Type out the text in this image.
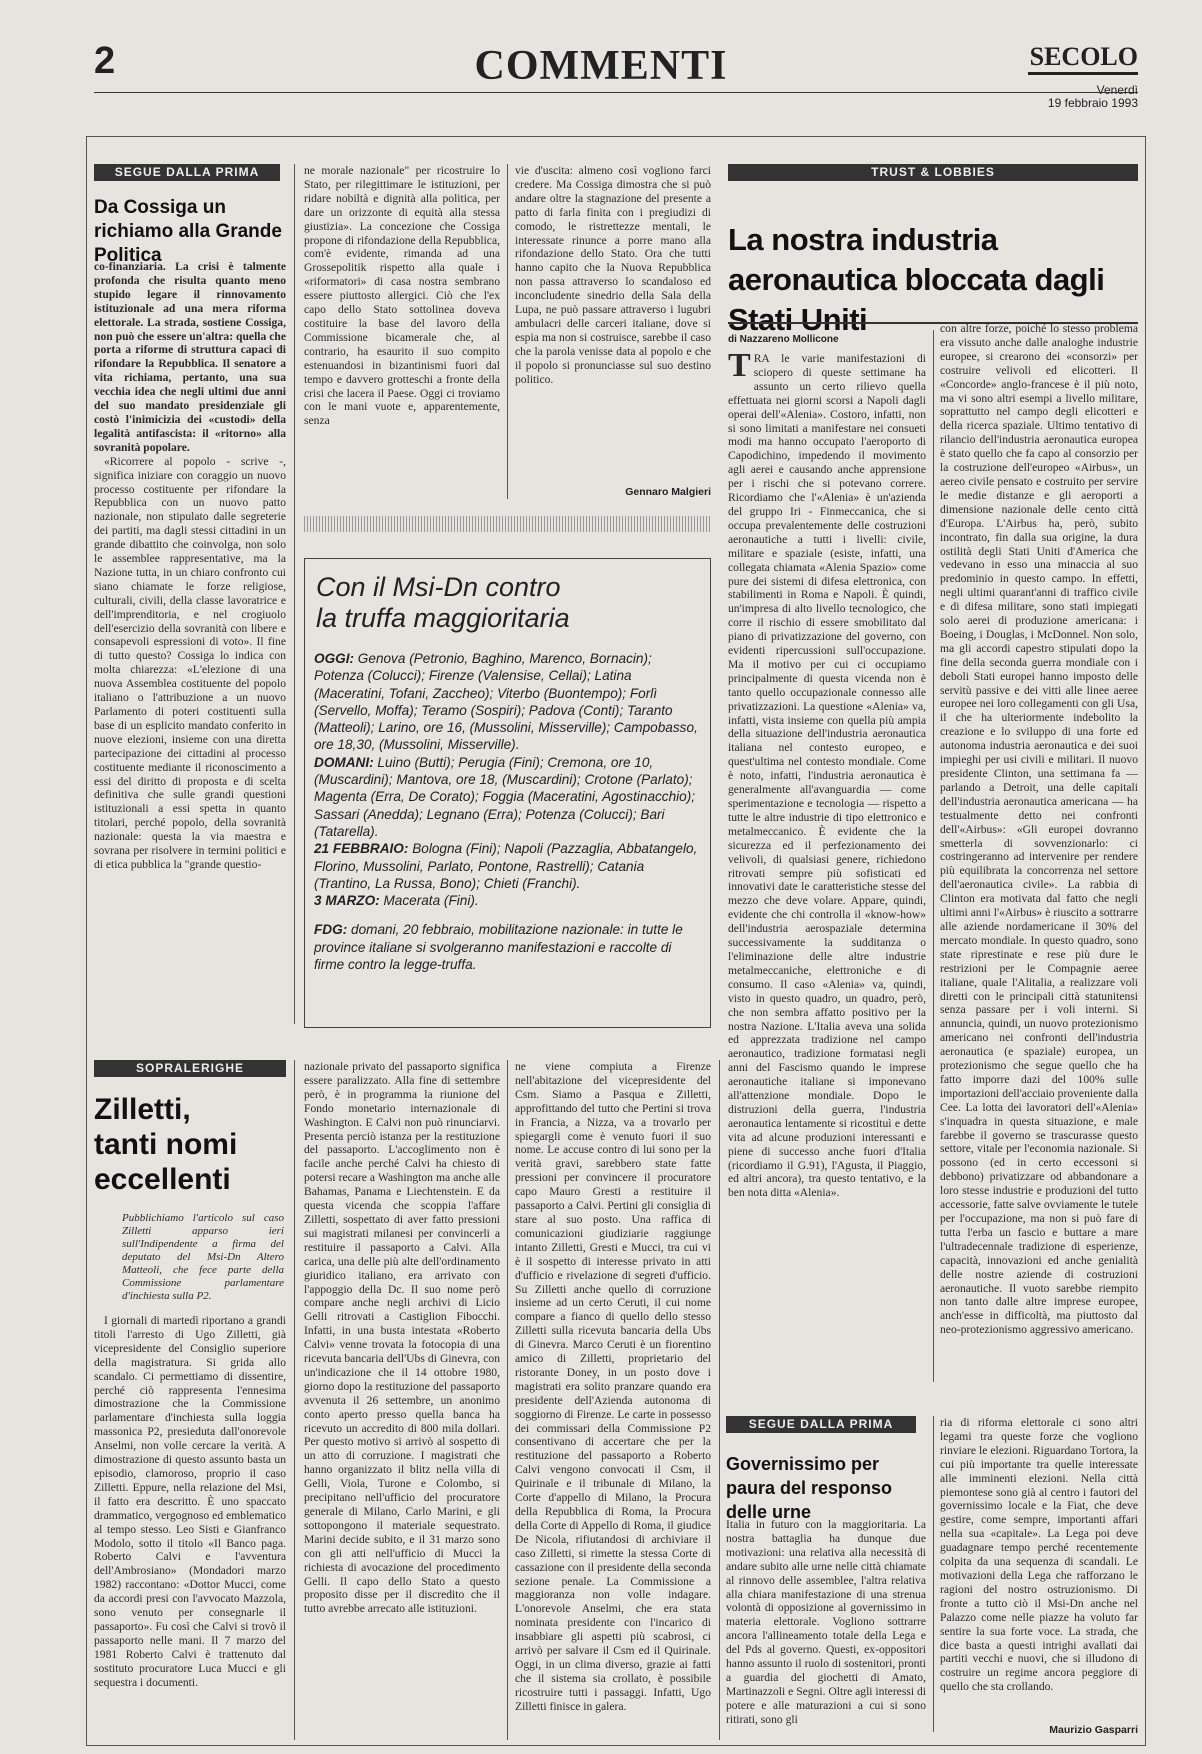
2	COMMENTI	SECOLO
Venerdì
19 febbraio 1993
SEGUE DALLA PRIMA
Da Cossiga un richiamo alla Grande Politica

co-finanziaria. La crisi è talmente profonda che risulta quanto meno stupido legare il rinnovamento istituzionale ad una mera riforma elettorale. La strada, sostiene Cossiga, non può che essere un'altra: quella che porta a riforme di struttura capaci di rifondare la Repubblica. Il senatore a vita richiama, pertanto, una sua vecchia idea che negli ultimi due anni del suo mandato presidenziale gli costò l'inimicizia dei «custodi» della legalità antifascista: il «ritorno» alla sovranità popolare.

«Ricorrere al popolo - scrive -, significa iniziare con coraggio un nuovo processo costituente per rifondare la Repubblica con un nuovo patto nazionale, non stipulato dalle segreterie dei partiti, ma dagli stessi cittadini in un grande dibattito che coinvolga, non solo le assemblee rappresentative, ma la Nazione tutta, in un chiaro confronto cui siano chiamate le forze religiose, culturali, civili, della classe lavoratrice e dell'imprenditoria, e nel crogiuolo dell'esercizio della sovranità con libere e consapevoli espressioni di voto». Il fine di tutto questo? Cossiga lo indica con molta chiarezza: «L'elezione di una nuova Assemblea costituente del popolo italiano o l'attribuzione a un nuovo Parlamento di poteri costituenti sulla base di un esplicito mandato conferito in nuove elezioni, insieme con una diretta partecipazione dei cittadini al processo costituente mediante il riconoscimento a essi del diritto di proposta e di scelta definitiva che sulle grandi questioni istituzionali a essi spetta in quanto titolari, perché popolo, della sovranità nazionale: questa la via maestra e sovrana per risolvere in termini politici e di etica pubblica la "grande questio-

ne morale nazionale" per ricostruire lo Stato, per rilegittimare le istituzioni, per ridare nobiltà e dignità alla politica, per dare un orizzonte di equità alla stessa giustizia». La concezione che Cossiga propone di rifondazione della Repubblica, com'è evidente, rimanda ad una Grossepolitik rispetto alla quale i «riformatori» di casa nostra sembrano essere piuttosto allergici. Ciò che l'ex capo dello Stato sottolinea doveva costituire la base del lavoro della Commissione bicamerale che, al contrario, ha esaurito il suo compito estenuandosi in bizantinismi fuori dal tempo e davvero grotteschi a fronte della crisi che lacera il Paese. Oggi ci troviamo con le mani vuote e, apparentemente, senza

vie d'uscita: almeno così vogliono farci credere. Ma Cossiga dimostra che si può andare oltre la stagnazione del presente a patto di farla finita con i pregiudizi di comodo, le ristrettezze mentali, le interessate rinunce a porre mano alla rifondazione dello Stato. Ora che tutti hanno capito che la Nuova Repubblica non passa attraverso lo scandaloso ed inconcludente sinedrio della Sala della Lupa, ne può passare attraverso i lugubri ambulacri delle carceri italiane, dove si espia ma non si costruisce, sarebbe il caso che la parola venisse data al popolo e che il popolo si pronunciasse sul suo destino politico.

Gennaro Malgieri
Con il Msi-Dn contro
la truffa maggioritaria
OGGI: Genova (Petronio, Baghino, Marenco, Bornacin); Potenza (Colucci); Firenze (Valensise, Cellai); Latina (Maceratini, Tofani, Zaccheo); Viterbo (Buontempo); Forlì (Servello, Moffa); Teramo (Sospiri); Padova (Conti); Taranto (Matteoli); Larino, ore 16, (Mussolini, Misserville); Campobasso, ore 18,30, (Mussolini, Misserville).
DOMANI: Luino (Butti); Perugia (Fini); Cremona, ore 10, (Muscardini); Mantova, ore 18, (Muscardini); Crotone (Parlato); Magenta (Erra, De Corato); Foggia (Maceratini, Agostinacchio); Sassari (Anedda); Legnano (Erra); Potenza (Colucci); Bari (Tatarella).
21 FEBBRAIO: Bologna (Fini); Napoli (Pazzaglia, Abbatangelo, Florino, Mussolini, Parlato, Pontone, Rastrelli); Catania (Trantino, La Russa, Bono); Chieti (Franchi).
3 MARZO: Macerata (Fini).
FDG: domani, 20 febbraio, mobilitazione nazionale: in tutte le province italiane si svolgeranno manifestazioni e raccolte di firme contro la legge-truffa.
TRUST & LOBBIES
La nostra industria aeronautica bloccata dagli Stati Uniti
di Nazzareno Mollicone
TRA le varie manifestazioni di sciopero di queste settimane ha assunto un certo rilievo quella effettuata nei giorni scorsi a Napoli dagli operai dell'«Alenia». Costoro, infatti, non si sono limitati a manifestare nei consueti modi ma hanno occupato l'aeroporto di Capodichino, impedendo il movimento agli aerei e causando anche apprensione per i rischi che si potevano correre. Ricordiamo che l'«Alenia» è un'azienda del gruppo Iri - Finmeccanica, che si occupa prevalentemente delle costruzioni aeronautiche a tutti i livelli: civile, militare e spaziale (esiste, infatti, una collegata chiamata «Alenia Spazio» come pure dei sistemi di difesa elettronica, con stabilimenti in Roma e Napoli. È quindi, un'impresa di alto livello tecnologico, che corre il rischio di essere smobilitato dal piano di privatizzazione del governo, con evidenti ripercussioni sull'occupazione. Ma il motivo per cui ci occupiamo principalmente di questa vicenda non è tanto quello occupazionale connesso alle privatizzazioni. La questione «Alenia» va, infatti, vista insieme con quella più ampia della situazione dell'industria aeronautica italiana nel contesto europeo, e quest'ultima nel contesto mondiale. Come è noto, infatti, l'industria aeronautica è generalmente all'avanguardia — come sperimentazione e tecnologia — rispetto a tutte le altre industrie di tipo elettronico e metalmeccanico. È evidente che la sicurezza ed il perfezionamento dei velivoli, di qualsiasi genere, richiedono ritrovati sempre più sofisticati ed innovativi date le caratteristiche stesse del mezzo che deve volare. Appare, quindi, evidente che chi controlla il «know-how» dell'industria aerospaziale determina successivamente la sudditanza o l'eliminazione delle altre industrie metalmeccaniche, elettroniche e di consumo. Il caso «Alenia» va, quindi, visto in questo quadro, un quadro, però, che non sembra affatto positivo per la nostra Nazione. L'Italia aveva una solida ed apprezzata tradizione nel campo aeronautico, tradizione formatasi negli anni del Fascismo quando le imprese aeronautiche italiane si imponevano all'attenzione mondiale. Dopo le distruzioni della guerra, l'industria aeronautica lentamente si ricostituì e dette vita ad alcune produzioni interessanti e piene di successo anche fuori d'Italia (ricordiamo il G.91), l'Agusta, il Piaggio, ed altri ancora), tra questo tentativo, e la ben nota ditta «Alenia».

con altre forze, poiché lo stesso problema era vissuto anche dalle analoghe industrie europee, si crearono dei «consorzi» per costruire velivoli ed elicotteri. Il «Concorde» anglo-francese è il più noto, ma vi sono altri esempi a livello militare, soprattutto nel campo degli elicotteri e della ricerca spaziale. Ultimo tentativo di rilancio dell'industria aeronautica europea è stato quello che fa capo al consorzio per la costruzione dell'europeo «Airbus», un aereo civile pensato e costruito per servire le medie distanze e gli aeroporti a dimensione nazionale delle cento città d'Europa. L'Airbus ha, però, subito incontrato, fin dalla sua origine, la dura ostilità degli Stati Uniti d'America che vedevano in esso una minaccia al suo predominio in questo campo. In effetti, negli ultimi quarant'anni di traffico civile e di difesa militare, sono stati impiegati solo aerei di produzione americana: i Boeing, i Douglas, i McDonnel. Non solo, ma gli accordi capestro stipulati dopo la fine della seconda guerra mondiale con i deboli Stati europei hanno imposto delle servitù passive e dei vitti alle linee aeree europee nei loro collegamenti con gli Usa, il che ha ulteriormente indebolito la creazione e lo sviluppo di una forte ed autonoma industria aeronautica e dei suoi impieghi per usi civili e militari. Il nuovo presidente Clinton, una settimana fa — parlando a Detroit, una delle capitali dell'industria aeronautica americana — ha testualmente detto nei confronti dell'«Airbus»: «Gli europei dovranno smetterla di sovvenzionarlo: ci costringeranno ad intervenire per rendere più equilibrata la concorrenza nel settore dell'aeronautica civile». La rabbia di Clinton era motivata dal fatto che negli ultimi anni l'«Airbus» è riuscito a sottrarre alle aziende nordamericane il 30% del mercato mondiale. In questo quadro, sono state riprestinate e rese più dure le restrizioni per le Compagnie aeree italiane, quale l'Alitalia, a realizzare voli diretti con le principali città statunitensi senza passare per i voli interni. Si annuncia, quindi, un nuovo protezionismo americano nei confronti dell'industria aeronautica (e spaziale) europea, un protezionismo che segue quello che ha fatto imporre dazi del 100% sulle importazioni dell'acciaio proveniente dalla Cee. La lotta dei lavoratori dell'«Alenia» s'inquadra in questa situazione, e male farebbe il governo se trascurasse questo settore, vitale per l'economia nazionale. Si possono (ed in certo eccessoni si debbono) privatizzare od abbandonare a loro stesse industrie e produzioni del tutto accessorie, fatte salve ovviamente le tutele per l'occupazione, ma non si può fare di tutta l'erba un fascio e buttare a mare l'ultradecennale tradizione di esperienze, capacità, innovazioni ed anche genialità delle nostre aziende di costruzioni aeronautiche. Il vuoto sarebbe riempito non tanto dalle altre imprese europee, anch'esse in difficoltà, ma piuttosto dal neo-protezionismo aggressivo americano.

SOPRALERIGHE
Zilletti,
tanti nomi
eccellenti
Pubblichiamo l'articolo sul caso Zilletti apparso ieri sull'Indipendente a firma del deputato del Msi-Dn Altero Matteoli, che fece parte della Commissione parlamentare d'inchiesta sulla P2.

I giornali di martedì riportano a grandi titoli l'arresto di Ugo Zilletti, già vicepresidente del Consiglio superiore della magistratura. Si grida allo scandalo. Ci permettiamo di dissentire, perché ciò rappresenta l'ennesima dimostrazione che la Commissione parlamentare d'inchiesta sulla loggia massonica P2, presieduta dall'onorevole Anselmi, non volle cercare la verità. A dimostrazione di questo assunto basta un episodio, clamoroso, proprio il caso Zilletti. Eppure, nella relazione del Msi, il fatto era descritto. È uno spaccato drammatico, vergognoso ed emblematico al tempo stesso. Leo Sisti e Gianfranco Modolo, sotto il titolo «Il Banco paga. Roberto Calvi e l'avventura dell'Ambrosiano» (Mondadori marzo 1982) raccontano: «Dottor Mucci, come da accordi presi con l'avvocato Mazzola, sono venuto per consegnarle il passaporto». Fu così che Calvi si trovò il passaporto nelle mani. Il 7 marzo del 1981 Roberto Calvi è trattenuto dal sostituto procuratore Luca Mucci e gli sequestra i documenti.

nazionale privato del passaporto significa essere paralizzato. Alla fine di settembre però, è in programma la riunione del Fondo monetario internazionale di Washington. E Calvi non può rinunciarvi. Presenta perciò istanza per la restituzione del passaporto. L'accoglimento non è facile anche perché Calvi ha chiesto di potersi recare a Washington ma anche alle Bahamas, Panama e Liechtenstein. E da questa vicenda che scoppia l'affare Zilletti, sospettato di aver fatto pressioni sui magistrati milanesi per convincerli a restituire il passaporto a Calvi. Alla carica, una delle più alte dell'ordinamento giuridico italiano, era arrivato con l'appoggio della Dc. Il suo nome però compare anche negli archivi di Licio Gelli ritrovati a Castiglion Fibocchi. Infatti, in una busta intestata «Roberto Calvi» venne trovata la fotocopia di una ricevuta bancaria dell'Ubs di Ginevra, con un'indicazione che il 14 ottobre 1980, giorno dopo la restituzione del passaporto avvenuta il 26 settembre, un anonimo conto aperto presso quella banca ha ricevuto un accredito di 800 mila dollari. Per questo motivo si arrivò al sospetto di un atto di corruzione. I magistrati che hanno organizzato il blitz nella villa di Gelli, Viola, Turone e Colombo, si precipitano nell'ufficio del procuratore generale di Milano, Carlo Marini, e gli sottopongono il materiale sequestrato. Marini decide subito, e il 31 marzo sono con gli atti nell'ufficio di Mucci la richiesta di avocazione del procedimento Gelli. Il capo dello Stato a questo proposito disse per il discredito che il tutto avrebbe arrecato alle istituzioni.

ne viene compiuta a Firenze nell'abitazione del vicepresidente del Csm. Siamo a Pasqua e Zilletti, approfittando del tutto che Pertini si trova in Francia, a Nizza, va a trovarlo per spiegargli come è venuto fuori il suo nome. Le accuse contro di lui sono per la verità gravi, sarebbero state fatte pressioni per convincere il procuratore capo Mauro Gresti a restituire il passaporto a Calvi. Pertini gli consiglia di stare al suo posto. Una raffica di comunicazioni giudiziarie raggiunge intanto Zilletti, Gresti e Mucci, tra cui vi è il sospetto di interesse privato in atti d'ufficio e rivelazione di segreti d'ufficio. Su Zilletti anche quello di corruzione insieme ad un certo Ceruti, il cui nome compare a fianco di quello dello stesso Zilletti sulla ricevuta bancaria della Ubs di Ginevra. Marco Ceruti è un fiorentino amico di Zilletti, proprietario del ristorante Doney, in un posto dove i magistrati era solito pranzare quando era presidente dell'Azienda autonoma di soggiorno di Firenze. Le carte in possesso dei commissari della Commissione P2 consentivano di accertare che per la restituzione del passaporto a Roberto Calvi vengono convocati il Csm, il Quirinale e il tribunale di Milano, la Corte d'appello di Milano, la Procura della Repubblica di Roma, la Procura della Corte di Appello di Roma, il giudice De Nicola, rifiutandosi di archiviare il caso Zilletti, si rimette la stessa Corte di cassazione con il presidente della seconda sezione penale. La Commissione a maggioranza non volle indagare. L'onorevole Anselmi, che era stata nominata presidente con l'incarico di insabbiare gli aspetti più scabrosi, ci arrivò per salvare il Csm ed il Quirinale. Oggi, in un clima diverso, grazie ai fatti che il sistema sia crollato, è possibile ricostruire tutti i passaggi. Infatti, Ugo Zilletti finisce in galera.

SEGUE DALLA PRIMA
Governissimo per paura del responso delle urne

Italia in futuro con la maggioritaria. La nostra battaglia ha dunque due motivazioni: una relativa alla necessità di andare subito alle urne nelle città chiamate al rinnovo delle assemblee, l'altra relativa alla chiara manifestazione di una strenua volontà di opposizione al governissimo in materia elettorale. Vogliono sottrarre ancora l'allineamento totale della Lega e del Pds al governo. Questi, ex-oppositori hanno assunto il ruolo di sostenitori, pronti a guardia del giochetti di Amato, Martinazzoli e Segni. Oltre agli interessi di potere e alle maturazioni a cui si sono ritirati, sono gli

ria di riforma elettorale ci sono altri legami tra queste forze che vogliono rinviare le elezioni. Riguardano Tortora, la cui più importante tra quelle interessate alle imminenti elezioni. Nella città piemontese sono già al centro i fautori del governissimo locale e la Fiat, che deve gestire, come sempre, importanti affari nella sua «capitale». La Lega poi deve guadagnare tempo perché recentemente colpita da una sequenza di scandali. Le motivazioni della Lega che rafforzano le ragioni del nostro ostruzionismo. Di fronte a tutto ciò il Msi-Dn anche nel Palazzo come nelle piazze ha voluto far sentire la sua forte voce. La strada, che dice basta a questi intrighi avallati dai partiti vecchi e nuovi, che si illudono di costruire un regime ancora peggiore di quello che sta crollando.

Maurizio Gasparri
